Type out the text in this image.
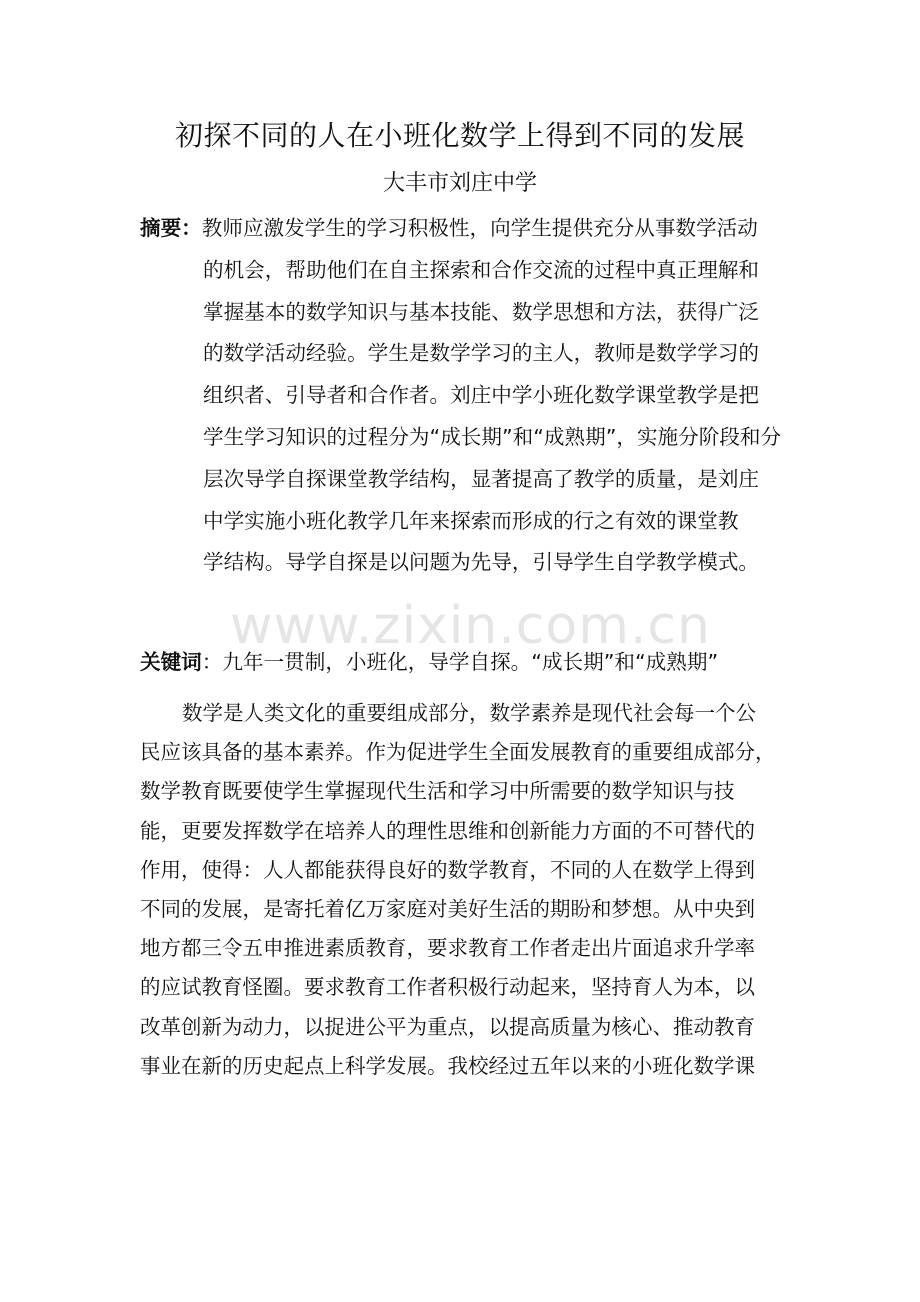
初探不同的人在小班化数学上得到不同的发展
大丰市刘庄中学
摘要：教师应激发学生的学习积极性，向学生提供充分从事数学活动
的机会，帮助他们在自主探索和合作交流的过程中真正理解和
掌握基本的数学知识与基本技能、数学思想和方法，获得广泛
的数学活动经验。学生是数学学习的主人，教师是数学学习的
组织者、引导者和合作者。刘庄中学小班化数学课堂教学是把
学生学习知识的过程分为“成长期”和“成熟期”，实施分阶段和分
层次导学自探课堂教学结构，显著提高了教学的质量，是刘庄
中学实施小班化教学几年来探索而形成的行之有效的课堂教
学结构。导学自探是以问题为先导，引导学生自学教学模式。
www.zixin.com.cn
关键词：九年一贯制，小班化，导学自探。“成长期”和“成熟期”
数学是人类文化的重要组成部分，数学素养是现代社会每一个公
民应该具备的基本素养。作为促进学生全面发展教育的重要组成部分，
数学教育既要使学生掌握现代生活和学习中所需要的数学知识与技
能，更要发挥数学在培养人的理性思维和创新能力方面的不可替代的
作用，使得：人人都能获得良好的数学教育，不同的人在数学上得到
不同的发展，是寄托着亿万家庭对美好生活的期盼和梦想。从中央到
地方都三令五申推进素质教育，要求教育工作者走出片面追求升学率
的应试教育怪圈。要求教育工作者积极行动起来，坚持育人为本，以
改革创新为动力，以捉进公平为重点，以提高质量为核心、推动教育
事业在新的历史起点上科学发展。我校经过五年以来的小班化数学课
